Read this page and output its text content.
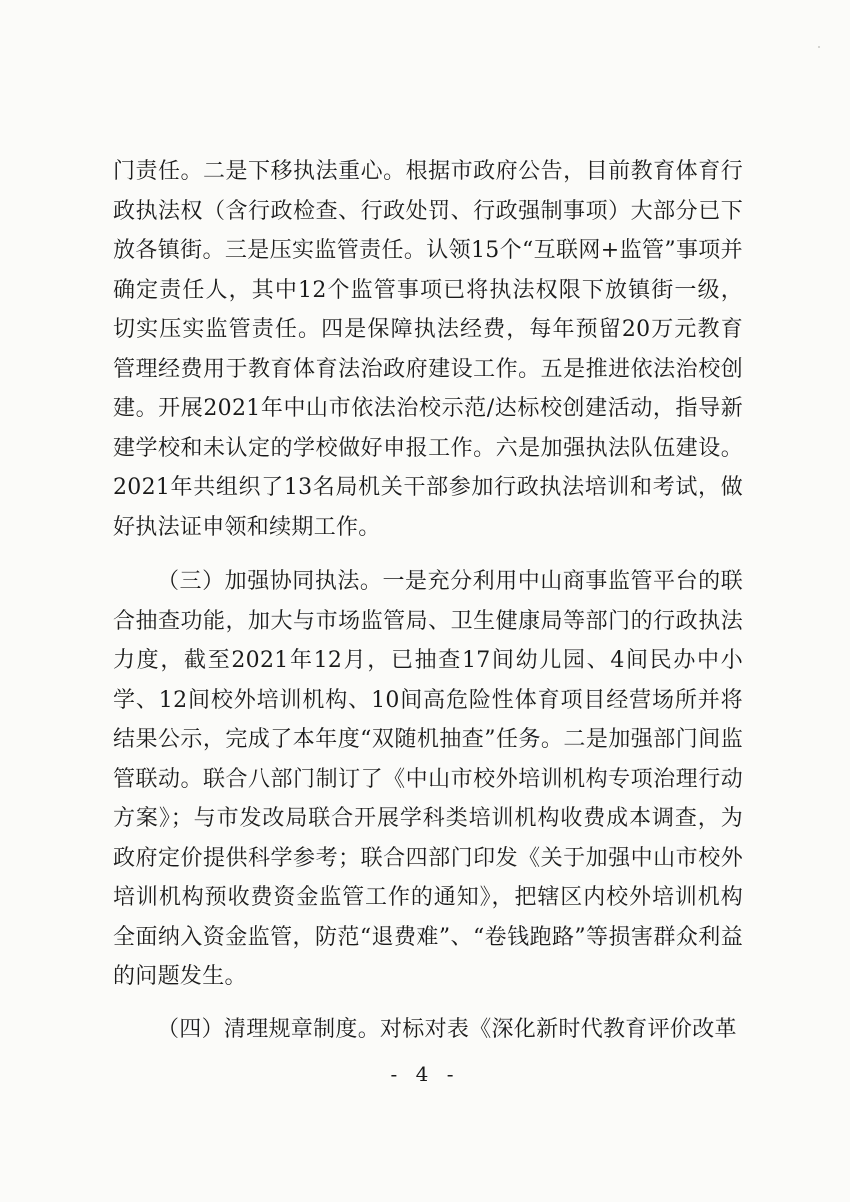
门责任。二是下移执法重心。根据市政府公告，目前教育体育行政执法权（含行政检查、行政处罚、行政强制事项）大部分已下放各镇街。三是压实监管责任。认领15个“互联网+监管”事项并确定责任人，其中12个监管事项已将执法权限下放镇街一级，切实压实监管责任。四是保障执法经费，每年预留20万元教育管理经费用于教育体育法治政府建设工作。五是推进依法治校创建。开展2021年中山市依法治校示范/达标校创建活动，指导新建学校和未认定的学校做好申报工作。六是加强执法队伍建设。2021年共组织了13名局机关干部参加行政执法培训和考试，做好执法证申领和续期工作。

（三）加强协同执法。一是充分利用中山商事监管平台的联合抽查功能，加大与市场监管局、卫生健康局等部门的行政执法力度，截至2021年12月，已抽查17间幼儿园、4间民办中小学、12间校外培训机构、10间高危险性体育项目经营场所并将结果公示，完成了本年度“双随机抽查”任务。二是加强部门间监管联动。联合八部门制订了《中山市校外培训机构专项治理行动方案》；与市发改局联合开展学科类培训机构收费成本调查，为政府定价提供科学参考；联合四部门印发《关于加强中山市校外培训机构预收费资金监管工作的通知》，把辖区内校外培训机构全面纳入资金监管，防范“退费难”、“卷钱跑路”等损害群众利益的问题发生。

（四）清理规章制度。对标对表《深化新时代教育评价改革

- 4 -
